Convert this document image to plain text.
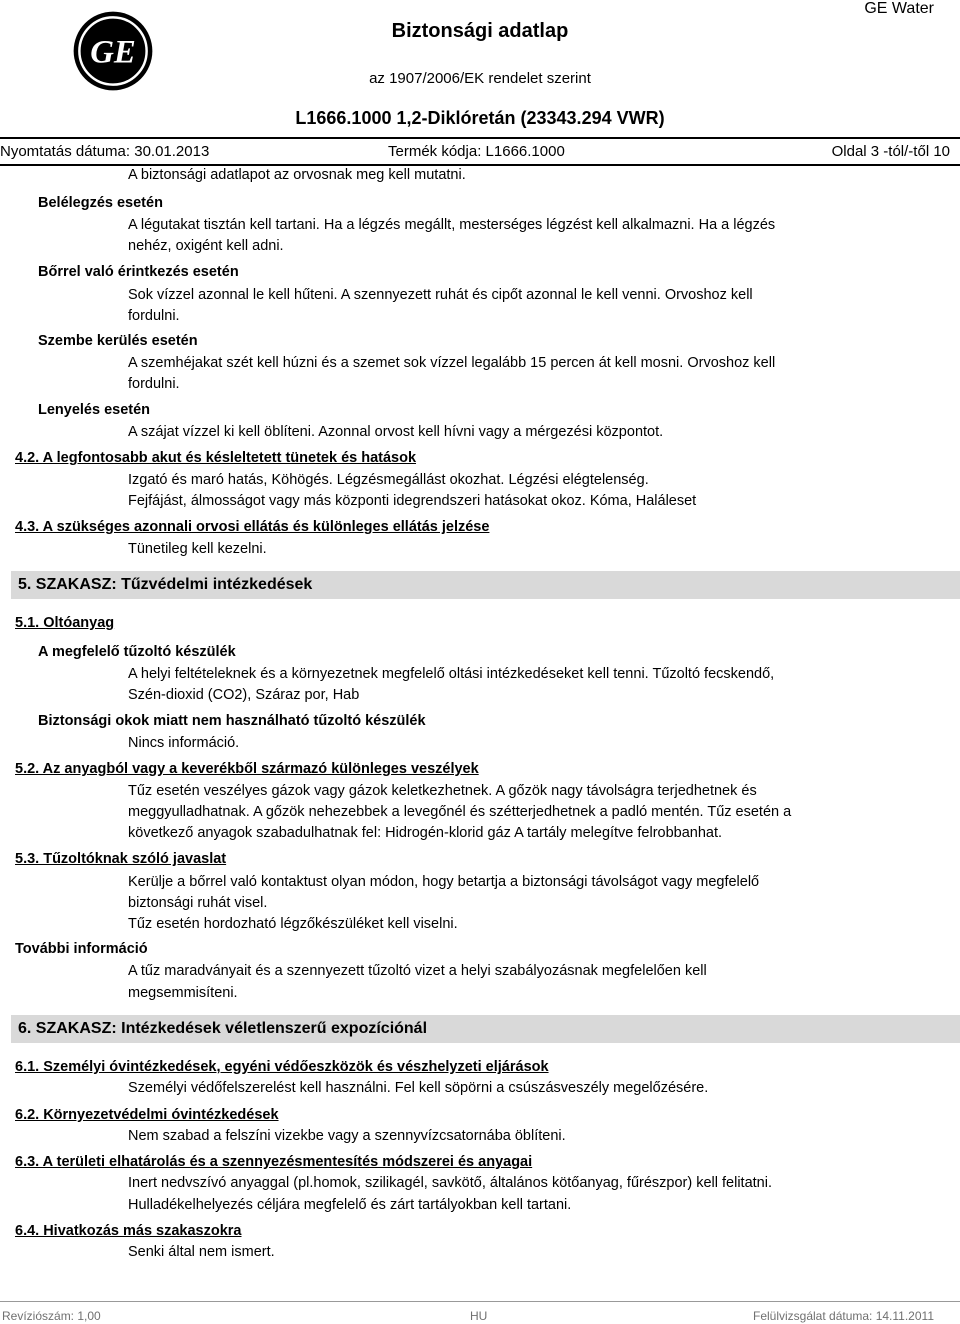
GE
Biztonsági adatlap
GE Water
az 1907/2006/EK rendelet szerint
L1666.1000 1,2-Diklóretán (23343.294 VWR)
Nyomtatás dátuma: 30.01.2013	Termék kódja: L1666.1000	Oldal 3 -tól/-től 10
A biztonsági adatlapot az orvosnak meg kell mutatni.
Belélegzés esetén
A légutakat tisztán kell tartani. Ha a légzés megállt, mesterséges légzést kell alkalmazni. Ha a légzés
nehéz, oxigént kell adni.
Bőrrel való érintkezés esetén
Sok vízzel azonnal le kell hűteni. A szennyezett ruhát és cipőt azonnal le kell venni. Orvoshoz kell
fordulni.
Szembe kerülés esetén
A szemhéjakat szét kell húzni és a szemet sok vízzel legalább 15 percen át kell mosni. Orvoshoz kell
fordulni.
Lenyelés esetén
A szájat vízzel ki kell öblíteni. Azonnal orvost kell hívni vagy a mérgezési központot.
4.2. A legfontosabb akut és késleltetett tünetek és hatások
Izgató és maró hatás, Köhögés. Légzésmegállást okozhat. Légzési elégtelenség.
Fejfájást, álmosságot vagy más központi idegrendszeri hatásokat okoz. Kóma, Haláleset
4.3. A szükséges azonnali orvosi ellátás és különleges ellátás jelzése
Tünetileg kell kezelni.
5. SZAKASZ: Tűzvédelmi intézkedések
5.1. Oltóanyag
A megfelelő tűzoltó készülék
A helyi feltételeknek és a környezetnek megfelelő oltási intézkedéseket kell tenni. Tűzoltó fecskendő,
Szén-dioxid (CO2), Száraz por, Hab
Biztonsági okok miatt nem használható tűzoltó készülék
Nincs információ.
5.2. Az anyagból vagy a keverékből származó különleges veszélyek
Tűz esetén veszélyes gázok vagy gázok keletkezhetnek. A gőzök nagy távolságra terjedhetnek és
meggyulladhatnak. A gőzök nehezebbek a levegőnél és szétterjedhetnek a padló mentén. Tűz esetén a
következő anyagok szabadulhatnak fel: Hidrogén-klorid gáz A tartály melegítve felrobbanhat.
5.3. Tűzoltóknak szóló javaslat
Kerülje a bőrrel való kontaktust olyan módon, hogy betartja a biztonsági távolságot vagy megfelelő
biztonsági ruhát visel.
Tűz esetén hordozható légzőkészüléket kell viselni.
További információ
A tűz maradványait és a szennyezett tűzoltó vizet a helyi szabályozásnak megfelelően kell
megsemmisíteni.
6. SZAKASZ: Intézkedések véletlenszerű expozíciónál
6.1. Személyi óvintézkedések, egyéni védőeszközök és vészhelyzeti eljárások
Személyi védőfelszerelést kell használni. Fel kell söpörni a csúszásveszély megelőzésére.
6.2. Környezetvédelmi óvintézkedések
Nem szabad a felszíni vizekbe vagy a szennyvízcsatornába öblíteni.
6.3. A területi elhatárolás és a szennyezésmentesítés módszerei és anyagai
Inert nedvszívó anyaggal (pl.homok, szilikagél, savkötő, általános kötőanyag, fűrészpor) kell felitatni.
Hulladékelhelyezés céljára megfelelő és zárt tartályokban kell tartani.
6.4. Hivatkozás más szakaszokra
Senki által nem ismert.
Revíziószám: 1,00	HU	Felülvizsgálat dátuma: 14.11.2011
